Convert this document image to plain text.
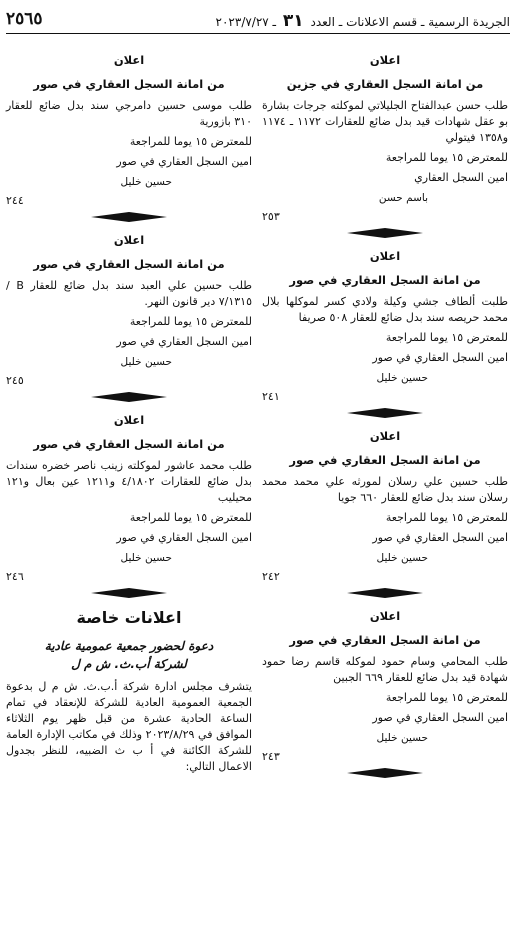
الجريدة الرسمية ـ قسم الاعلانات ـ العدد ٣١ ـ ٢٠٢٣/٧/٢٧
٢٥٦٥
اعلان
من امانة السجل العقاري في جزين
طلب حسن عبدالفتاح الجليلاتي لموكلته جرجات بشارة بو عقل شهادات قيد بدل ضائع للعقارات ١١٧٢ ـ ١١٧٤ و١٣٥٨ فيتولي
للمعترض ١٥ يوما للمراجعة
امين السجل العقاري
باسم حسن
٢٥٣
اعلان
من امانة السجل العقاري في صور
طلبت ألطاف جشي وكيلة ولادي كسر لموكلها بلال محمد حريصه سند بدل ضائع للعقار ٥٠٨ صريفا
للمعترض ١٥ يوما للمراجعة
امين السجل العقاري في صور
حسين خليل
٢٤١
اعلان
من امانة السجل العقاري في صور
طلب حسين علي رسلان لمورثه علي محمد محمد رسلان سند بدل ضائع للعقار ٦٦٠ جويا
للمعترض ١٥ يوما للمراجعة
امين السجل العقاري في صور
حسين خليل
٢٤٢
اعلان
من امانة السجل العقاري في صور
طلب المحامي وسام حمود لموكله قاسم رضا حمود شهادة قيد بدل ضائع للعقار ٦٦٩ الجبين
للمعترض ١٥ يوما للمراجعة
امين السجل العقاري في صور
حسين خليل
٢٤٣
اعلان
من امانة السجل العقاري في صور
طلب موسى حسين دامرجي سند بدل ضائع للعقار ٣١٠ بازورية
للمعترض ١٥ يوما للمراجعة
امين السجل العقاري في صور
حسين خليل
٢٤٤
اعلان
من امانة السجل العقاري في صور
طلب حسين علي العبد سند بدل ضائع للعقار B /٧/١٣١٥ دير قانون النهر.
للمعترض ١٥ يوما للمراجعة
امين السجل العقاري في صور
حسين خليل
٢٤٥
اعلان
من امانة السجل العقاري في صور
طلب محمد عاشور لموكلته زينب ناصر خضره سندات بدل ضائع للعقارات ٤/١٨٠٢ و١٢١١ عين بعال و١٢١ محيليب
للمعترض ١٥ يوما للمراجعة
امين السجل العقاري في صور
حسين خليل
٢٤٦
اعلانات خاصة
دعوة لحضور جمعية عمومية عادية
لشركة أب.ث. ش م ل
يتشرف مجلس ادارة شركة أ.ب.ث. ش م ل بدعوة الجمعية العمومية العادية للشركة للإنعقاد في تمام الساعة الحادية عشرة من قبل ظهر يوم الثلاثاء الموافق في ٢٠٢٣/٨/٢٩ وذلك في مكاتب الإدارة العامة للشركة الكائنة في أ ب ث الضبيه، للنظر بجدول الاعمال التالي:
